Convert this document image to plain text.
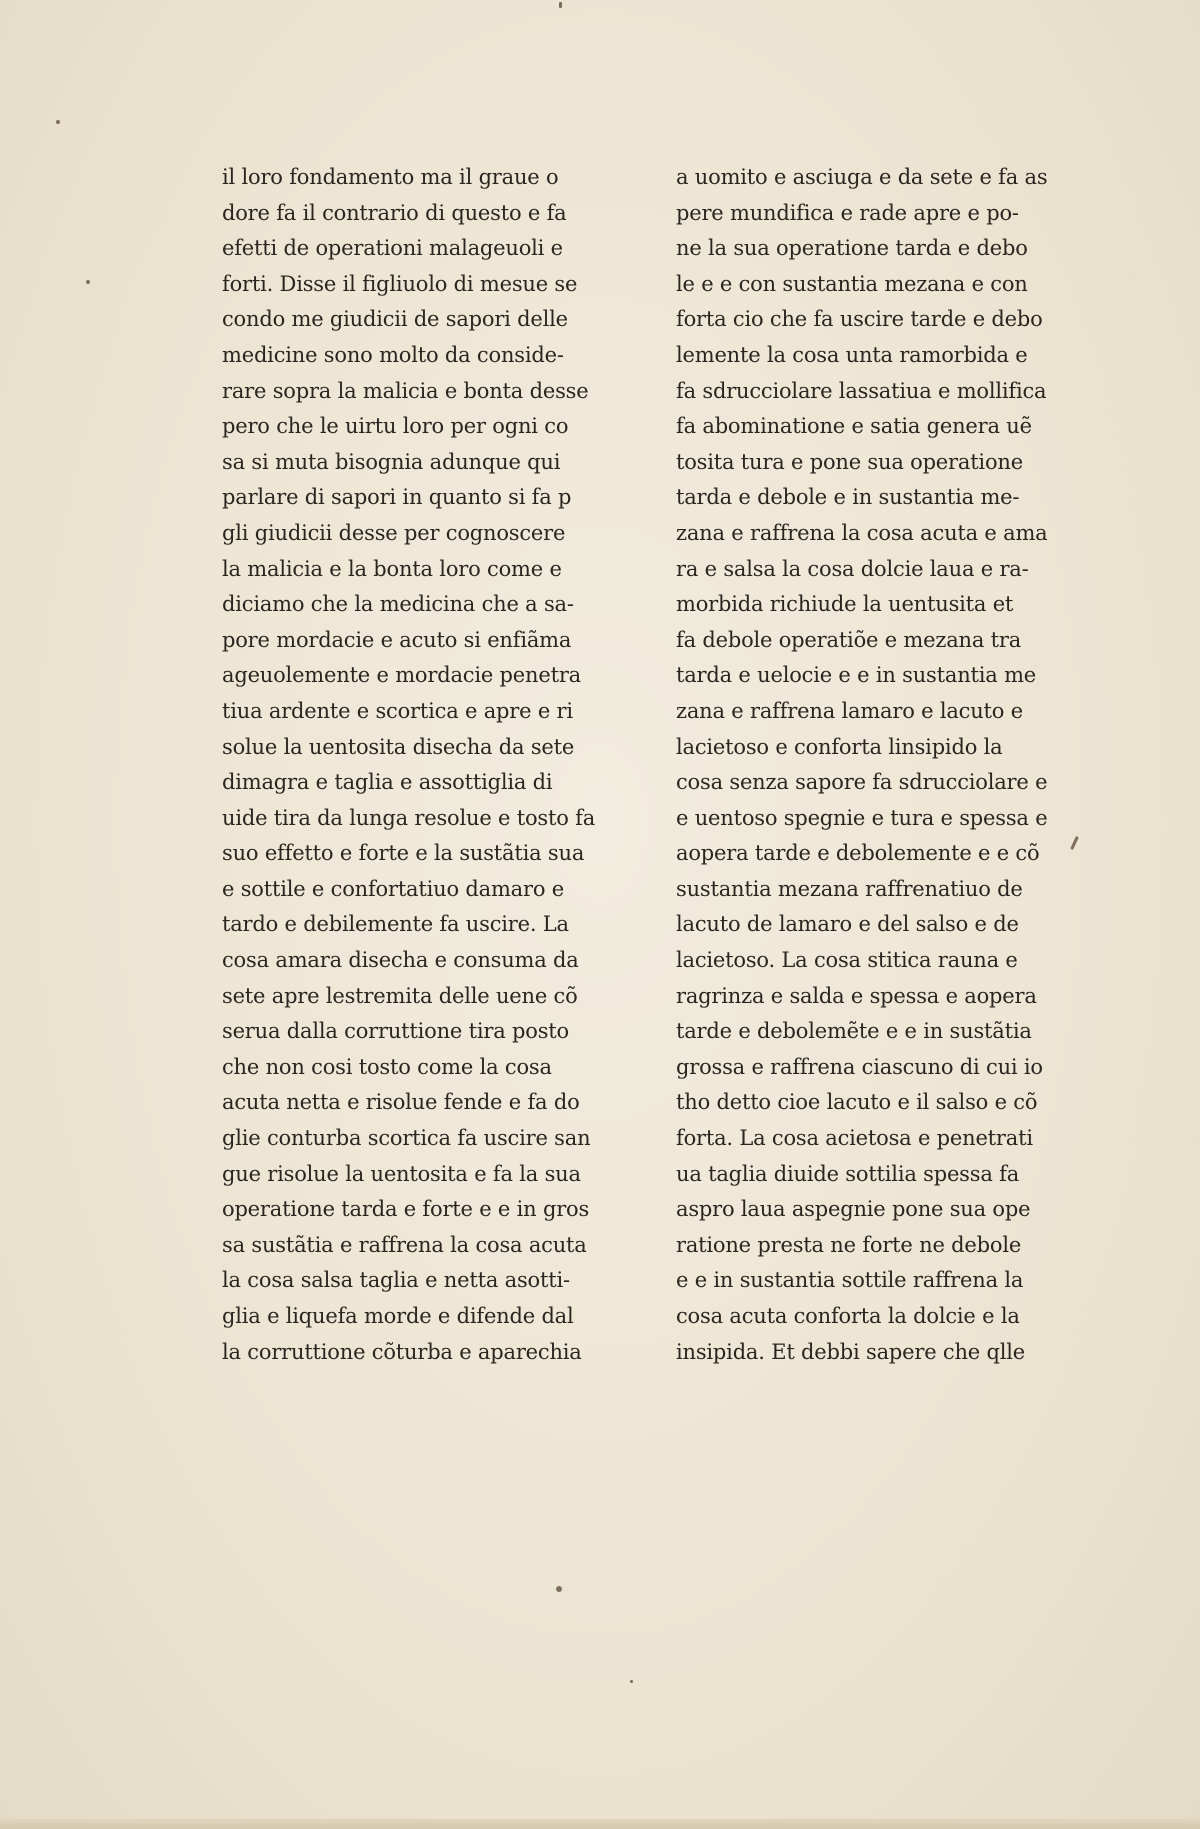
il loro fondamento ma il graue o
dore fa il contrario di questo e fa
efetti de operationi malageuoli e
forti. Disse il figliuolo di mesue se
condo me giudicii de sapori delle
medicine sono molto da conside-
rare sopra la malicia e bonta desse
pero che le uirtu loro per ogni co
sa si muta bisognia adunque qui
parlare di sapori in quanto si fa p
gli giudicii desse per cognoscere
la malicia e la bonta loro come e
diciamo che la medicina che a sa-
pore mordacie e acuto si enfiãma
ageuolemente e mordacie penetra
tiua ardente e scortica e apre e ri
solue la uentosita disecha da sete
dimagra e taglia e assottiglia di
uide tira da lunga resolue e tosto fa
suo effetto e forte e la sustãtia sua
e sottile e confortatiuo damaro e
tardo e debilemente fa uscire. La
cosa amara disecha e consuma da
sete apre lestremita delle uene cõ
serua dalla corruttione tira posto
che non cosi tosto come la cosa
acuta netta e risolue fende e fa do
glie conturba scortica fa uscire san
gue risolue la uentosita e fa la sua
operatione tarda e forte e e in gros
sa sustãtia e raffrena la cosa acuta
la cosa salsa taglia e netta asotti-
glia e liquefa morde e difende dal
la corruttione cõturba e aparechia
a uomito e asciuga e da sete e fa as
pere mundifica e rade apre e po-
ne la sua operatione tarda e debo
le e e con sustantia mezana e con
forta cio che fa uscire tarde e debo
lemente la cosa unta ramorbida e
fa sdrucciolare lassatiua e mollifica
fa abominatione e satia genera uẽ
tosita tura e pone sua operatione
tarda e debole e in sustantia me-
zana e raffrena la cosa acuta e ama
ra e salsa la cosa dolcie laua e ra-
morbida richiude la uentusita et
fa debole operatiõe e mezana tra
tarda e uelocie e e in sustantia me
zana e raffrena lamaro e lacuto e
lacietoso e conforta linsipido la
cosa senza sapore fa sdrucciolare e
e uentoso spegnie e tura e spessa e
aopera tarde e debolemente e e cõ
sustantia mezana raffrenatiuo de
lacuto de lamaro e del salso e de
lacietoso. La cosa stitica rauna e
ragrinza e salda e spessa e aopera
tarde e debolemẽte e e in sustãtia
grossa e raffrena ciascuno di cui io
tho detto cioe lacuto e il salso e cõ
forta. La cosa acietosa e penetrati
ua taglia diuide sottilia spessa fa
aspro laua aspegnie pone sua ope
ratione presta ne forte ne debole
e e in sustantia sottile raffrena la
cosa acuta conforta la dolcie e la
insipida. Et debbi sapere che qlle
